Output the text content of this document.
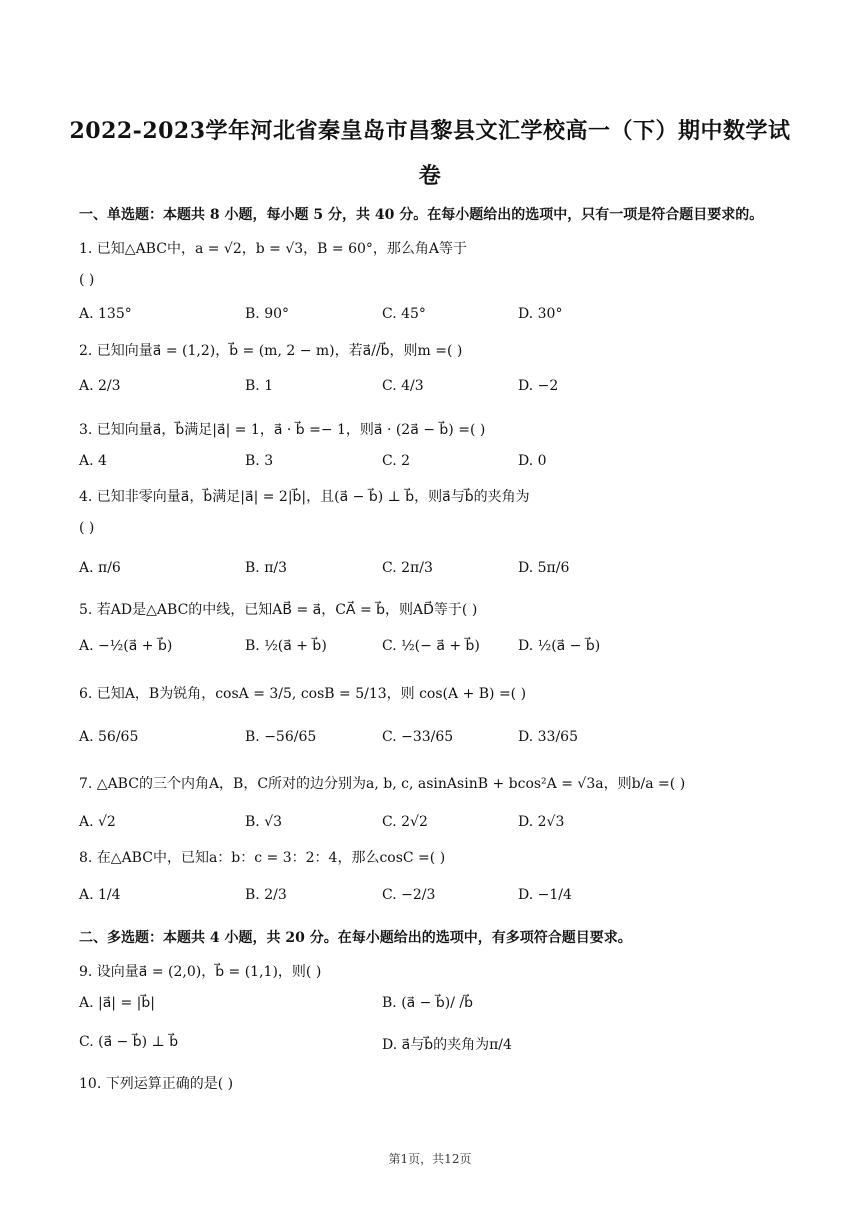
2022-2023学年河北省秦皇岛市昌黎县文汇学校高一（下）期中数学试
卷
一、单选题：本题共 8 小题，每小题 5 分，共 40 分。在每小题给出的选项中，只有一项是符合题目要求的。
1. 已知△ABC中，a = √2，b = √3，B = 60°，那么角A等于
( )
A. 135°	B. 90°	C. 45°	D. 30°
2. 已知向量a⃗ = (1,2)，b⃗ = (m, 2 − m)，若a⃗//b⃗，则m =( )
A. 2/3	B. 1	C. 4/3	D. −2
3. 已知向量a⃗，b⃗满足|a⃗| = 1，a⃗ · b⃗ =− 1，则a⃗ · (2a⃗ − b⃗) =( )
A. 4	B. 3	C. 2	D. 0
4. 已知非零向量a⃗，b⃗满足|a⃗| = 2|b⃗|，且(a⃗ − b⃗) ⊥ b⃗，则a⃗与b⃗的夹角为
( )
A. π/6	B. π/3	C. 2π/3	D. 5π/6
5. 若AD是△ABC的中线，已知AB⃗ = a⃗，CA⃗ = b⃗，则AD⃗等于( )
A. −½(a⃗ + b⃗)	B. ½(a⃗ + b⃗)	C. ½(− a⃗ + b⃗)	D. ½(a⃗ − b⃗)
6. 已知A，B为锐角，cosA = 3/5, cosB = 5/13，则 cos(A + B) =( )
A. 56/65	B. −56/65	C. −33/65	D. 33/65
7. △ABC的三个内角A，B，C所对的边分别为a, b, c, asinAsinB + bcos²A = √3a，则b/a =( )
A. √2	B. √3	C. 2√2	D. 2√3
8. 在△ABC中，已知a：b：c = 3：2：4，那么cosC =( )
A. 1/4	B. 2/3	C. −2/3	D. −1/4
二、多选题：本题共 4 小题，共 20 分。在每小题给出的选项中，有多项符合题目要求。
9. 设向量a⃗ = (2,0)，b⃗ = (1,1)，则( )
A. |a⃗| = |b⃗|	B. (a⃗ − b⃗)/ /b⃗
C. (a⃗ − b⃗) ⊥ b⃗	D. a⃗与b⃗的夹角为π/4
10. 下列运算正确的是( )
第1页，共12页
